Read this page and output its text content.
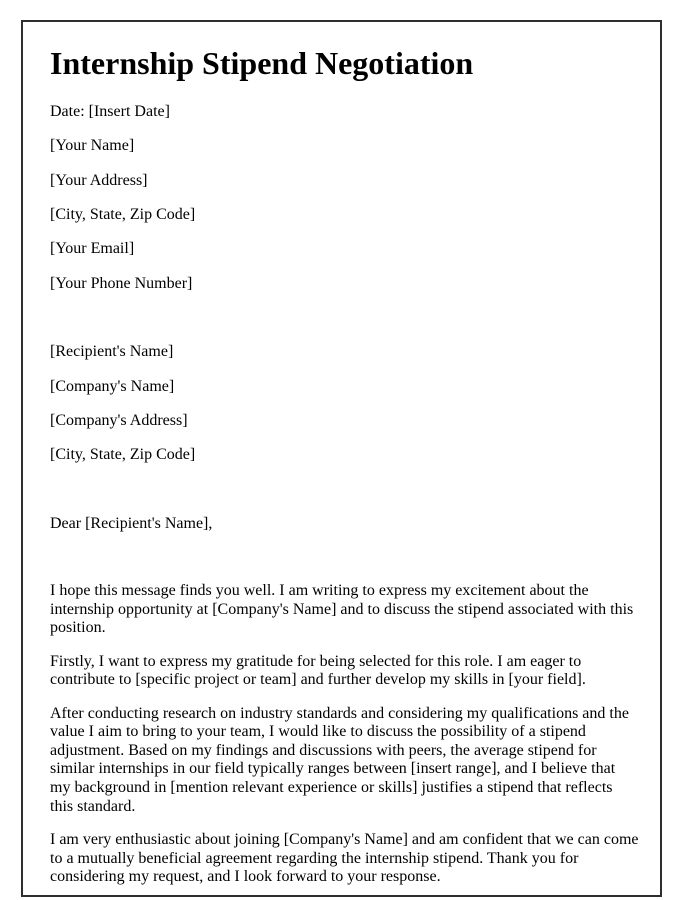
Internship Stipend Negotiation

Date: [Insert Date]

[Your Name]

[Your Address]

[City, State, Zip Code]

[Your Email]

[Your Phone Number]

[Recipient's Name]

[Company's Name]

[Company's Address]

[City, State, Zip Code]

Dear [Recipient's Name],

I hope this message finds you well. I am writing to express my excitement about the internship opportunity at [Company's Name] and to discuss the stipend associated with this position.

Firstly, I want to express my gratitude for being selected for this role. I am eager to contribute to [specific project or team] and further develop my skills in [your field].

After conducting research on industry standards and considering my qualifications and the value I aim to bring to your team, I would like to discuss the possibility of a stipend adjustment. Based on my findings and discussions with peers, the average stipend for similar internships in our field typically ranges between [insert range], and I believe that my background in [mention relevant experience or skills] justifies a stipend that reflects this standard.

I am very enthusiastic about joining [Company's Name] and am confident that we can come to a mutually beneficial agreement regarding the internship stipend. Thank you for considering my request, and I look forward to your response.
